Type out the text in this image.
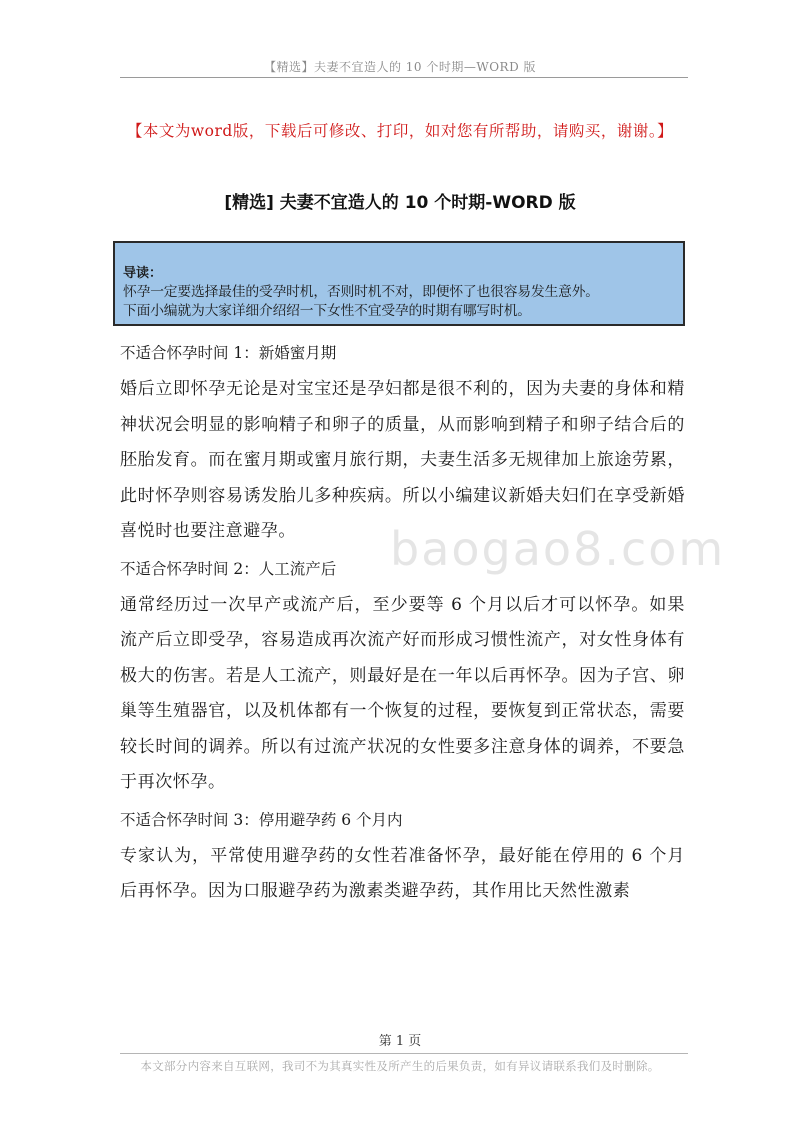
【精选】夫妻不宜造人的 10 个时期—WORD 版
【本文为word版，下载后可修改、打印，如对您有所帮助，请购买，谢谢。】
[精选] 夫妻不宜造人的 10 个时期-WORD 版
导读：
怀孕一定要选择最佳的受孕时机，否则时机不对，即便怀了也很容易发生意外。
下面小编就为大家详细介绍绍一下女性不宜受孕的时期有哪写时机。
不适合怀孕时间 1：新婚蜜月期
婚后立即怀孕无论是对宝宝还是孕妇都是很不利的，因为夫妻的身体和精神状况会明显的影响精子和卵子的质量，从而影响到精子和卵子结合后的胚胎发育。而在蜜月期或蜜月旅行期，夫妻生活多无规律加上旅途劳累，此时怀孕则容易诱发胎儿多种疾病。所以小编建议新婚夫妇们在享受新婚喜悦时也要注意避孕。
不适合怀孕时间 2：人工流产后
通常经历过一次早产或流产后，至少要等 6 个月以后才可以怀孕。如果流产后立即受孕，容易造成再次流产好而形成习惯性流产，对女性身体有极大的伤害。若是人工流产，则最好是在一年以后再怀孕。因为子宫、卵巢等生殖器官，以及机体都有一个恢复的过程，要恢复到正常状态，需要较长时间的调养。所以有过流产状况的女性要多注意身体的调养，不要急于再次怀孕。
不适合怀孕时间 3：停用避孕药 6 个月内
专家认为，平常使用避孕药的女性若准备怀孕，最好能在停用的 6 个月后再怀孕。因为口服避孕药为激素类避孕药，其作用比天然性激素
baogao8.com
第 1 页
本文部分内容来自互联网，我司不为其真实性及所产生的后果负责，如有异议请联系我们及时删除。
